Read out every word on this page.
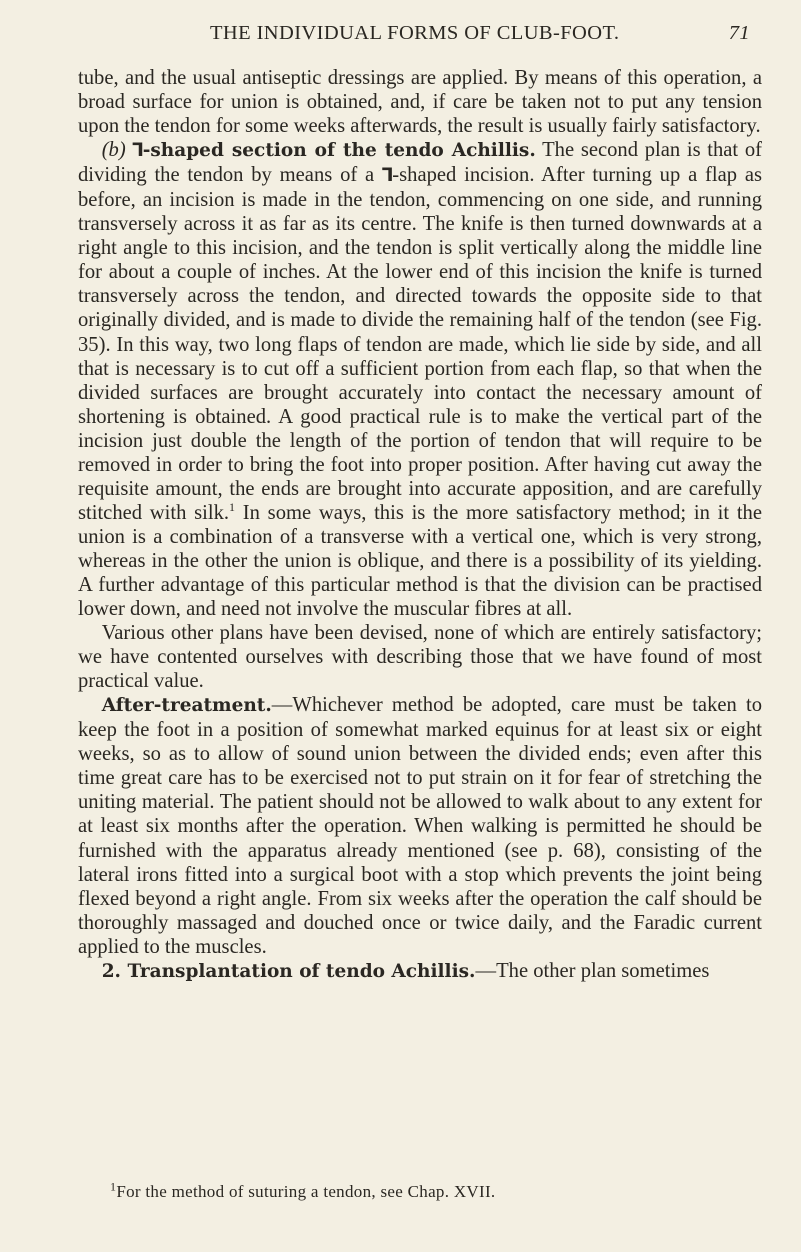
THE INDIVIDUAL FORMS OF CLUB-FOOT.	71

tube, and the usual antiseptic dressings are applied. By means of this operation, a broad surface for union is obtained, and, if care be taken not to put any tension upon the tendon for some weeks afterwards, the result is usually fairly satisfactory.

(b) ⅂-shaped section of the tendo Achillis. The second plan is that of dividing the tendon by means of a ⅂-shaped incision. After turning up a flap as before, an incision is made in the tendon, commencing on one side, and running transversely across it as far as its centre. The knife is then turned downwards at a right angle to this incision, and the tendon is split vertically along the middle line for about a couple of inches. At the lower end of this incision the knife is turned transversely across the tendon, and directed towards the opposite side to that originally divided, and is made to divide the remaining half of the tendon (see Fig. 35). In this way, two long flaps of tendon are made, which lie side by side, and all that is necessary is to cut off a sufficient portion from each flap, so that when the divided surfaces are brought accurately into contact the necessary amount of shortening is obtained. A good practical rule is to make the vertical part of the incision just double the length of the portion of tendon that will require to be removed in order to bring the foot into proper position. After having cut away the requisite amount, the ends are brought into accurate apposition, and are carefully stitched with silk.$^1$ In some ways, this is the more satisfactory method; in it the union is a combination of a transverse with a vertical one, which is very strong, whereas in the other the union is oblique, and there is a possibility of its yielding. A further advantage of this particular method is that the division can be practised lower down, and need not involve the muscular fibres at all.

Various other plans have been devised, none of which are entirely satisfactory; we have contented ourselves with describing those that we have found of most practical value.

After-treatment.—Whichever method be adopted, care must be taken to keep the foot in a position of somewhat marked equinus for at least six or eight weeks, so as to allow of sound union between the divided ends; even after this time great care has to be exercised not to put strain on it for fear of stretching the uniting material. The patient should not be allowed to walk about to any extent for at least six months after the operation. When walking is permitted he should be furnished with the apparatus already mentioned (see p. 68), consisting of the lateral irons fitted into a surgical boot with a stop which prevents the joint being flexed beyond a right angle. From six weeks after the operation the calf should be thoroughly massaged and douched once or twice daily, and the Faradic current applied to the muscles.

2. Transplantation of tendo Achillis.—The other plan sometimes

$^1$For the method of suturing a tendon, see Chap. XVII.
